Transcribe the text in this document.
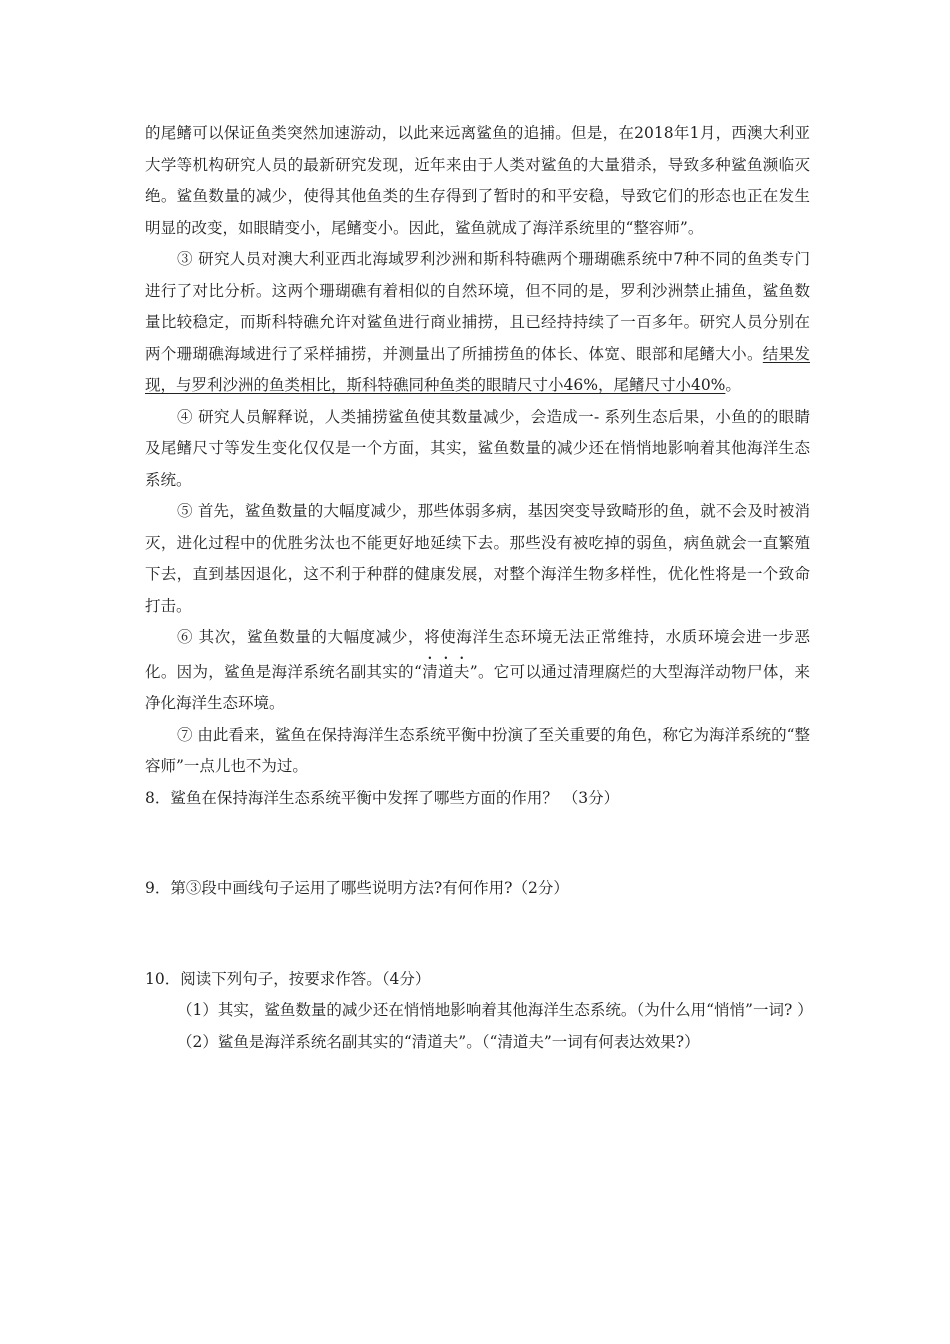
的尾鳍可以保证鱼类突然加速游动，以此来远离鲨鱼的追捕。但是，在2018年1月，西澳大利亚大学等机构研究人员的最新研究发现，近年来由于人类对鲨鱼的大量猎杀，导致多种鲨鱼濒临灭绝。鲨鱼数量的减少，使得其他鱼类的生存得到了暂时的和平安稳，导致它们的形态也正在发生明显的改变，如眼睛变小，尾鳍变小。因此，鲨鱼就成了海洋系统里的“整容师”。

③ 研究人员对澳大利亚西北海域罗利沙洲和斯科特礁两个珊瑚礁系统中7种不同的鱼类专门进行了对比分析。这两个珊瑚礁有着相似的自然环境，但不同的是，罗利沙洲禁止捕鱼，鲨鱼数量比较稳定，而斯科特礁允许对鲨鱼进行商业捕捞，且已经持持续了一百多年。研究人员分别在两个珊瑚礁海域进行了采样捕捞，并测量出了所捕捞鱼的体长、体宽、眼部和尾鳍大小。结果发现，与罗利沙洲的鱼类相比，斯科特礁同种鱼类的眼睛尺寸小46%，尾鳍尺寸小40%。

④ 研究人员解释说，人类捕捞鲨鱼使其数量减少，会造成一- 系列生态后果，小鱼的的眼睛及尾鳍尺寸等发生变化仅仅是一个方面，其实，鲨鱼数量的减少还在悄悄地影响着其他海洋生态系统。

⑤ 首先，鲨鱼数量的大幅度减少，那些体弱多病，基因突变导致畸形的鱼，就不会及时被消灭，进化过程中的优胜劣汰也不能更好地延续下去。那些没有被吃掉的弱鱼，病鱼就会一直繁殖下去，直到基因退化，这不利于种群的健康发展，对整个海洋生物多样性，优化性将是一个致命打击。

⑥ 其次，鲨鱼数量的大幅度减少，将使海洋生态环境无法正常维持，水质环境会进一步恶化。因为，鲨鱼是海洋系统名副其实的“清道夫”。它可以通过清理腐烂的大型海洋动物尸体，来净化海洋生态环境。

⑦ 由此看来，鲨鱼在保持海洋生态系统平衡中扮演了至关重要的角色，称它为海洋系统的“整容师”一点儿也不为过。

8．鲨鱼在保持海洋生态系统平衡中发挥了哪些方面的作用？ （3分）

9．第③段中画线句子运用了哪些说明方法?有何作用?（2分）

10．阅读下列句子，按要求作答。（4分）

（1）其实，鲨鱼数量的减少还在悄悄地影响着其他海洋生态系统。（为什么用“悄悄”一词? ）

（2）鲨鱼是海洋系统名副其实的“清道夫”。（“清道夫”一词有何表达效果?）
